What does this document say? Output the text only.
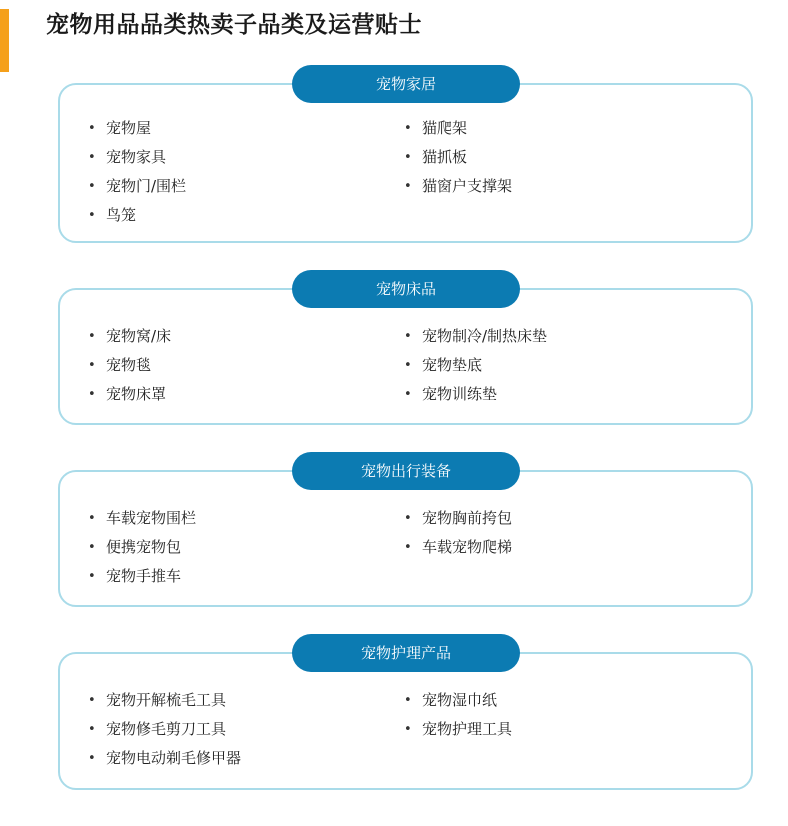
宠物用品品类热卖子品类及运营贴士
宠物家居
• 宠物屋
• 宠物家具
• 宠物门/围栏
• 鸟笼
• 猫爬架
• 猫抓板
• 猫窗户支撑架
宠物床品
• 宠物窝/床
• 宠物毯
• 宠物床罩
• 宠物制冷/制热床垫
• 宠物垫底
• 宠物训练垫
宠物出行装备
• 车载宠物围栏
• 便携宠物包
• 宠物手推车
• 宠物胸前挎包
• 车载宠物爬梯
宠物护理产品
• 宠物开解梳毛工具
• 宠物修毛剪刀工具
• 宠物电动剃毛修甲器
• 宠物湿巾纸
• 宠物护理工具
